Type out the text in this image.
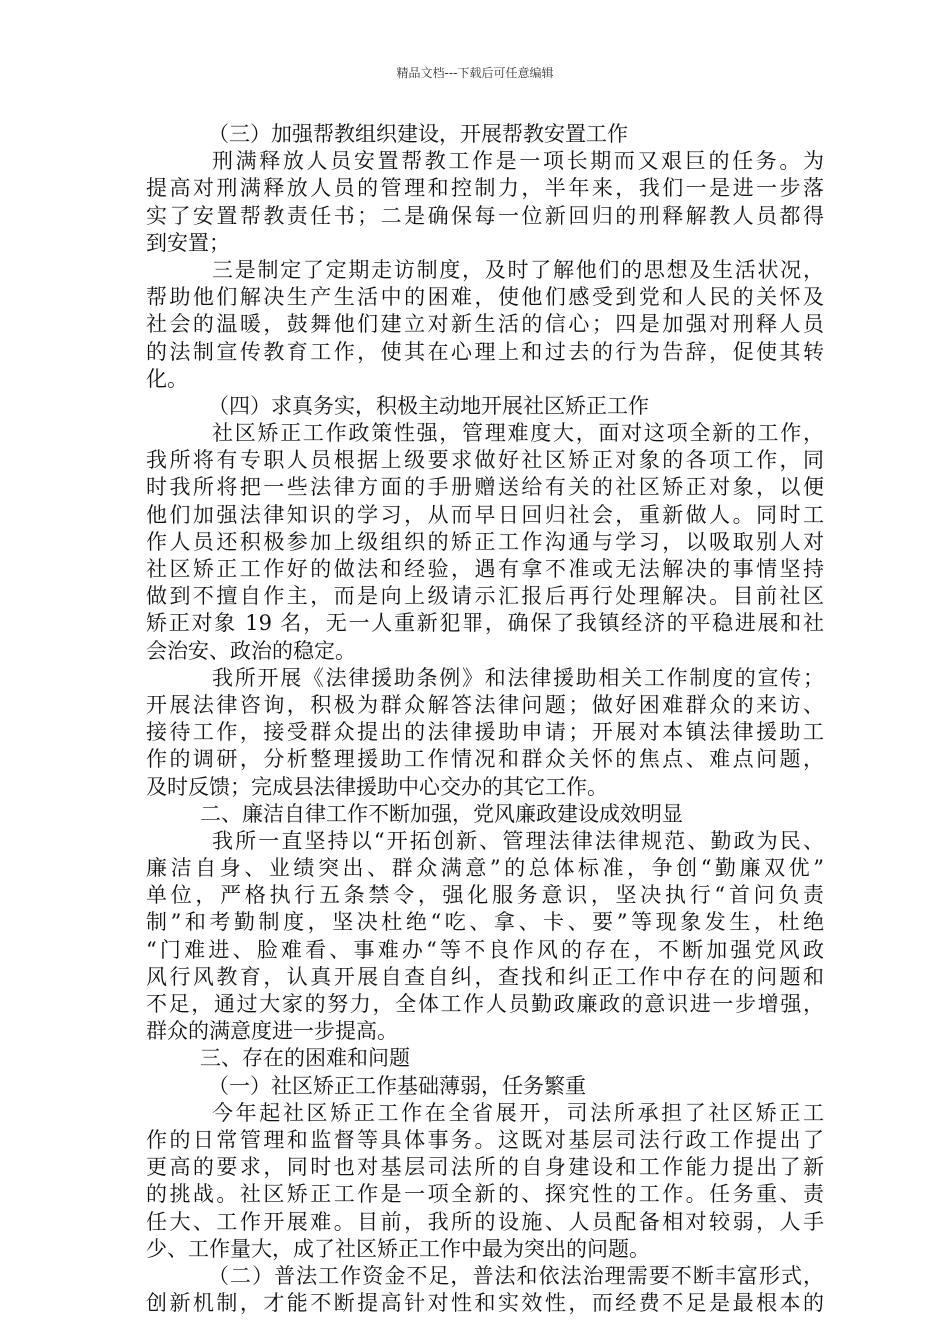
精品文档---下载后可任意编辑
（三）加强帮教组织建设，开展帮教安置工作
刑满释放人员安置帮教工作是一项长期而又艰巨的任务。为
提高对刑满释放人员的管理和控制力，半年来，我们一是进一步落
实了安置帮教责任书；二是确保每一位新回归的刑释解教人员都得
到安置；
三是制定了定期走访制度，及时了解他们的思想及生活状况，
帮助他们解决生产生活中的困难，使他们感受到党和人民的关怀及
社会的温暖，鼓舞他们建立对新生活的信心；四是加强对刑释人员
的法制宣传教育工作，使其在心理上和过去的行为告辞，促使其转
化。
（四）求真务实，积极主动地开展社区矫正工作
社区矫正工作政策性强，管理难度大，面对这项全新的工作，
我所将有专职人员根据上级要求做好社区矫正对象的各项工作，同
时我所将把一些法律方面的手册赠送给有关的社区矫正对象，以便
他们加强法律知识的学习，从而早日回归社会，重新做人。同时工
作人员还积极参加上级组织的矫正工作沟通与学习，以吸取别人对
社区矫正工作好的做法和经验，遇有拿不准或无法解决的事情坚持
做到不擅自作主，而是向上级请示汇报后再行处理解决。目前社区
矫正对象 19 名，无一人重新犯罪，确保了我镇经济的平稳进展和社
会治安、政治的稳定。
我所开展《法律援助条例》和法律援助相关工作制度的宣传；
开展法律咨询，积极为群众解答法律问题；做好困难群众的来访、
接待工作，接受群众提出的法律援助申请；开展对本镇法律援助工
作的调研，分析整理援助工作情况和群众关怀的焦点、难点问题，
及时反馈；完成县法律援助中心交办的其它工作。
二、廉洁自律工作不断加强，党风廉政建设成效明显
我所一直坚持以“开拓创新、管理法律法律规范、勤政为民、
廉洁自身、业绩突出、群众满意”的总体标准，争创“勤廉双优”
单位，严格执行五条禁令，强化服务意识，坚决执行“首问负责
制”和考勤制度，坚决杜绝“吃、拿、卡、要”等现象发生，杜绝
“门难进、脸难看、事难办“等不良作风的存在，不断加强党风政
风行风教育，认真开展自查自纠，查找和纠正工作中存在的问题和
不足，通过大家的努力，全体工作人员勤政廉政的意识进一步增强，
群众的满意度进一步提高。
三、存在的困难和问题
（一）社区矫正工作基础薄弱，任务繁重
今年起社区矫正工作在全省展开，司法所承担了社区矫正工
作的日常管理和监督等具体事务。这既对基层司法行政工作提出了
更高的要求，同时也对基层司法所的自身建设和工作能力提出了新
的挑战。社区矫正工作是一项全新的、探究性的工作。任务重、责
任大、工作开展难。目前，我所的设施、人员配备相对较弱，人手
少、工作量大，成了社区矫正工作中最为突出的问题。
（二）普法工作资金不足，普法和依法治理需要不断丰富形式，
创新机制，才能不断提高针对性和实效性，而经费不足是最根本的
